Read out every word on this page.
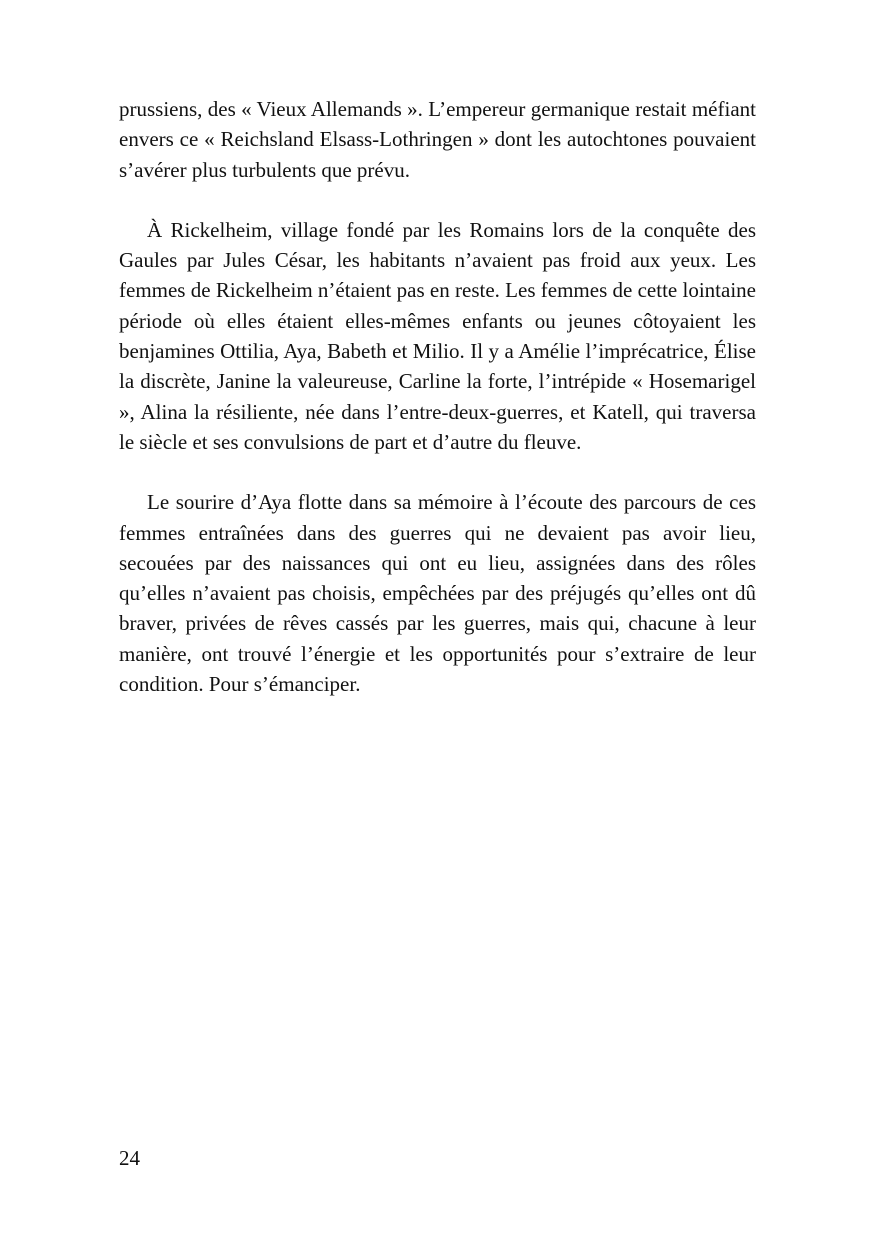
prussiens, des « Vieux Allemands ». L’empereur germanique restait méfiant envers ce « Reichsland Elsass-Lothringen » dont les autochtones pouvaient s’avérer plus turbulents que prévu.

À Rickelheim, village fondé par les Romains lors de la conquête des Gaules par Jules César, les habitants n’avaient pas froid aux yeux. Les femmes de Rickelheim n’étaient pas en reste. Les femmes de cette lointaine période où elles étaient elles-mêmes enfants ou jeunes côtoyaient les benjamines Ottilia, Aya, Babeth et Milio. Il y a Amélie l’imprécatrice, Élise la discrète, Janine la valeureuse, Carline la forte, l’intrépide « Hosemarigel », Alina la résiliente, née dans l’entre-deux-guerres, et Katell, qui traversa le siècle et ses convulsions de part et d’autre du fleuve.

Le sourire d’Aya flotte dans sa mémoire à l’écoute des parcours de ces femmes entraînées dans des guerres qui ne devaient pas avoir lieu, secouées par des naissances qui ont eu lieu, assignées dans des rôles qu’elles n’avaient pas choisis, empêchées par des préjugés qu’elles ont dû braver, privées de rêves cassés par les guerres, mais qui, chacune à leur manière, ont trouvé l’énergie et les opportunités pour s’extraire de leur condition. Pour s’émanciper.

24
